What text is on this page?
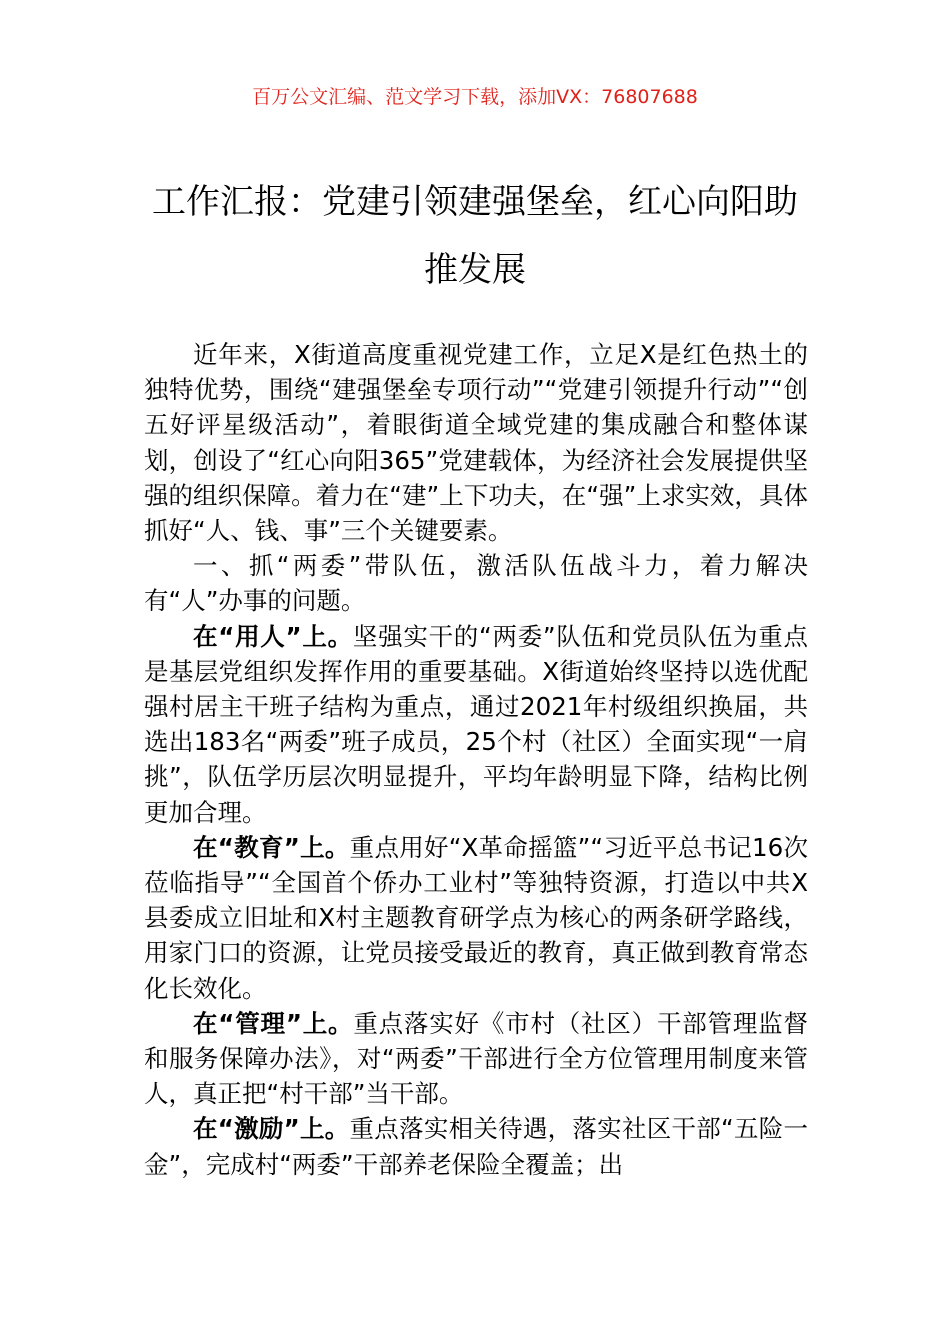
百万公文汇编、范文学习下载，添加VX：76807688
工作汇报：党建引领建强堡垒，红心向阳助推发展

近年来，X街道高度重视党建工作，立足X是红色热土的独特优势，围绕“建强堡垒专项行动”“党建引领提升行动”“创五好评星级活动”，着眼街道全域党建的集成融合和整体谋划，创设了“红心向阳365”党建载体，为经济社会发展提供坚强的组织保障。着力在“建”上下功夫，在“强”上求实效，具体抓好“人、钱、事”三个关键要素。

一、抓“两委”带队伍，激活队伍战斗力，着力解决有“人”办事的问题。

在“用人”上。坚强实干的“两委”队伍和党员队伍为重点是基层党组织发挥作用的重要基础。X街道始终坚持以选优配强村居主干班子结构为重点，通过2021年村级组织换届，共选出183名“两委”班子成员，25个村（社区）全面实现“一肩挑”，队伍学历层次明显提升，平均年龄明显下降，结构比例更加合理。

在“教育”上。重点用好“X革命摇篮”“习近平总书记16次莅临指导”“全国首个侨办工业村”等独特资源，打造以中共X县委成立旧址和X村主题教育研学点为核心的两条研学路线，用家门口的资源，让党员接受最近的教育，真正做到教育常态化长效化。

在“管理”上。重点落实好《市村（社区）干部管理监督和服务保障办法》，对“两委”干部进行全方位管理用制度来管人，真正把“村干部”当干部。

在“激励”上。重点落实相关待遇，落实社区干部“五险一金”，完成村“两委”干部养老保险全覆盖；出
